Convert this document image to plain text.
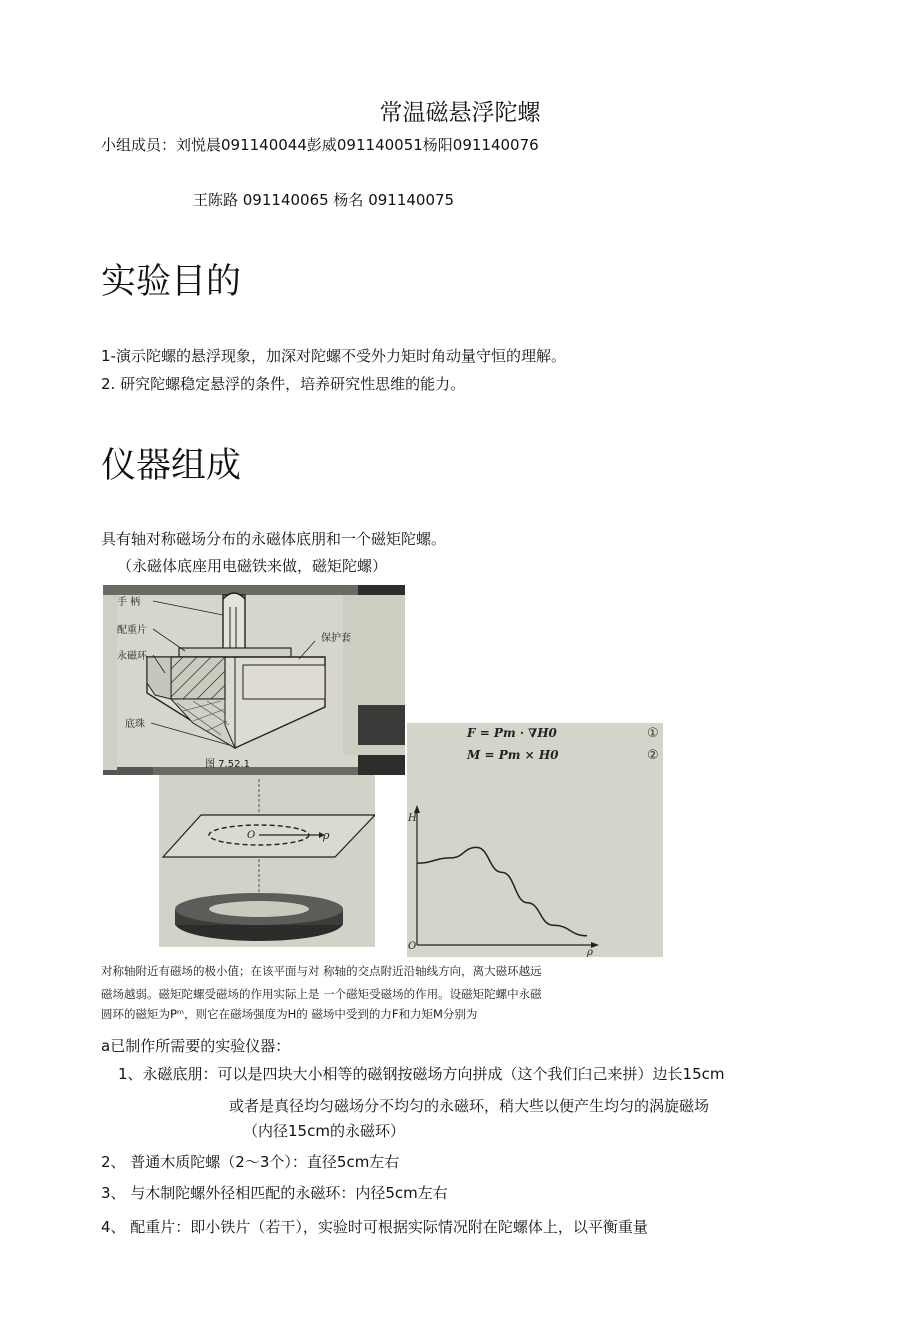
常温磁悬浮陀螺
小组成员：刘悦晨091140044彭威091140051杨阳091140076
王陈路 091140065 杨名 091140075
实验目的
1-演示陀螺的悬浮现象，加深对陀螺不受外力矩时角动量守恒的理解。
2. 研究陀螺稳定悬浮的条件，培养研究性思维的能力。
仪器组成
具有轴对称磁场分布的永磁体底朋和一个磁矩陀螺。
（永磁体底座用电磁铁来做，磁矩陀螺）
手 柄
配重片
永磁环
保护套
底珠
图 7.52.1
O	ρ
F = Pm · ∇H0
M = Pm × H0
①
②
H
O
ρ
对称轴附近有磁场的极小值；在该平面与对 称轴的交点附近沿轴线方向，离大磁环越远
磁场越弱。磁矩陀螺受磁场的作用实际上是 一个磁矩受磁场的作用。设磁矩陀螺中永磁
圆环的磁矩为Pᵐ，则它在磁场强度为H的 磁场中受到的力F和力矩M分别为
a已制作所需要的实验仪器：
1、永磁底朋：可以是四块大小相等的磁钢按磁场方向拼成（这个我们臼己来拼）边长15cm
或者是真径均匀磁场分不均匀的永磁环，稍大些以便产生均匀的涡旋磁场
（内径15cm的永磁环）
2、 普通木质陀螺（2～3个）：直径5cm左右
3、 与木制陀螺外径相匹配的永磁环：内径5cm左右
4、 配重片：即小铁片（若干），实验时可根据实际情况附在陀螺体上，以平衡重量
